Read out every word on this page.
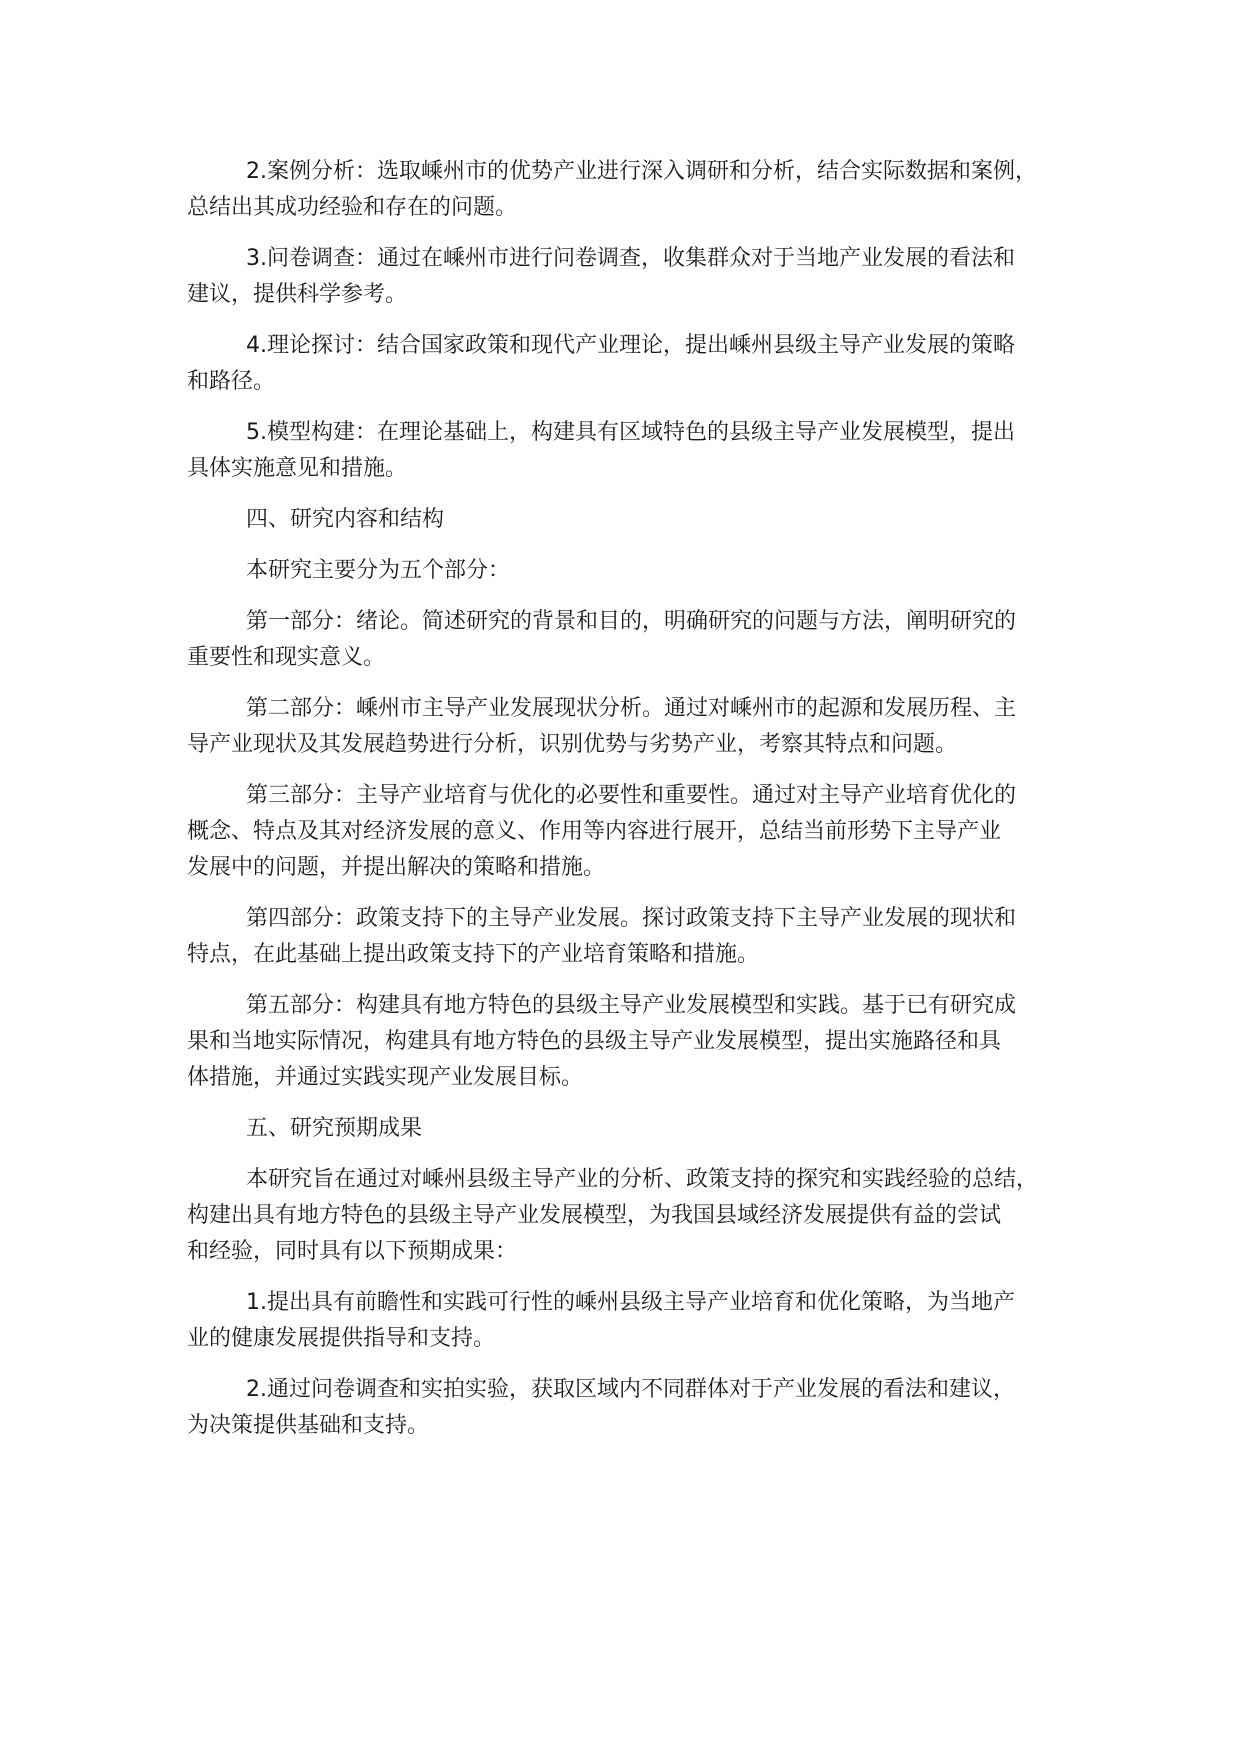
2.案例分析：选取嵊州市的优势产业进行深入调研和分析，结合实际数据和案例，
总结出其成功经验和存在的问题。
3.问卷调查：通过在嵊州市进行问卷调查，收集群众对于当地产业发展的看法和
建议，提供科学参考。
4.理论探讨：结合国家政策和现代产业理论，提出嵊州县级主导产业发展的策略
和路径。
5.模型构建：在理论基础上，构建具有区域特色的县级主导产业发展模型，提出
具体实施意见和措施。
四、研究内容和结构
本研究主要分为五个部分：
第一部分：绪论。简述研究的背景和目的，明确研究的问题与方法，阐明研究的
重要性和现实意义。
第二部分：嵊州市主导产业发展现状分析。通过对嵊州市的起源和发展历程、主
导产业现状及其发展趋势进行分析，识别优势与劣势产业，考察其特点和问题。
第三部分：主导产业培育与优化的必要性和重要性。通过对主导产业培育优化的
概念、特点及其对经济发展的意义、作用等内容进行展开，总结当前形势下主导产业
发展中的问题，并提出解决的策略和措施。
第四部分：政策支持下的主导产业发展。探讨政策支持下主导产业发展的现状和
特点，在此基础上提出政策支持下的产业培育策略和措施。
第五部分：构建具有地方特色的县级主导产业发展模型和实践。基于已有研究成
果和当地实际情况，构建具有地方特色的县级主导产业发展模型，提出实施路径和具
体措施，并通过实践实现产业发展目标。
五、研究预期成果
本研究旨在通过对嵊州县级主导产业的分析、政策支持的探究和实践经验的总结，
构建出具有地方特色的县级主导产业发展模型，为我国县域经济发展提供有益的尝试
和经验，同时具有以下预期成果：
1.提出具有前瞻性和实践可行性的嵊州县级主导产业培育和优化策略，为当地产
业的健康发展提供指导和支持。
2.通过问卷调查和实拍实验，获取区域内不同群体对于产业发展的看法和建议，
为决策提供基础和支持。
